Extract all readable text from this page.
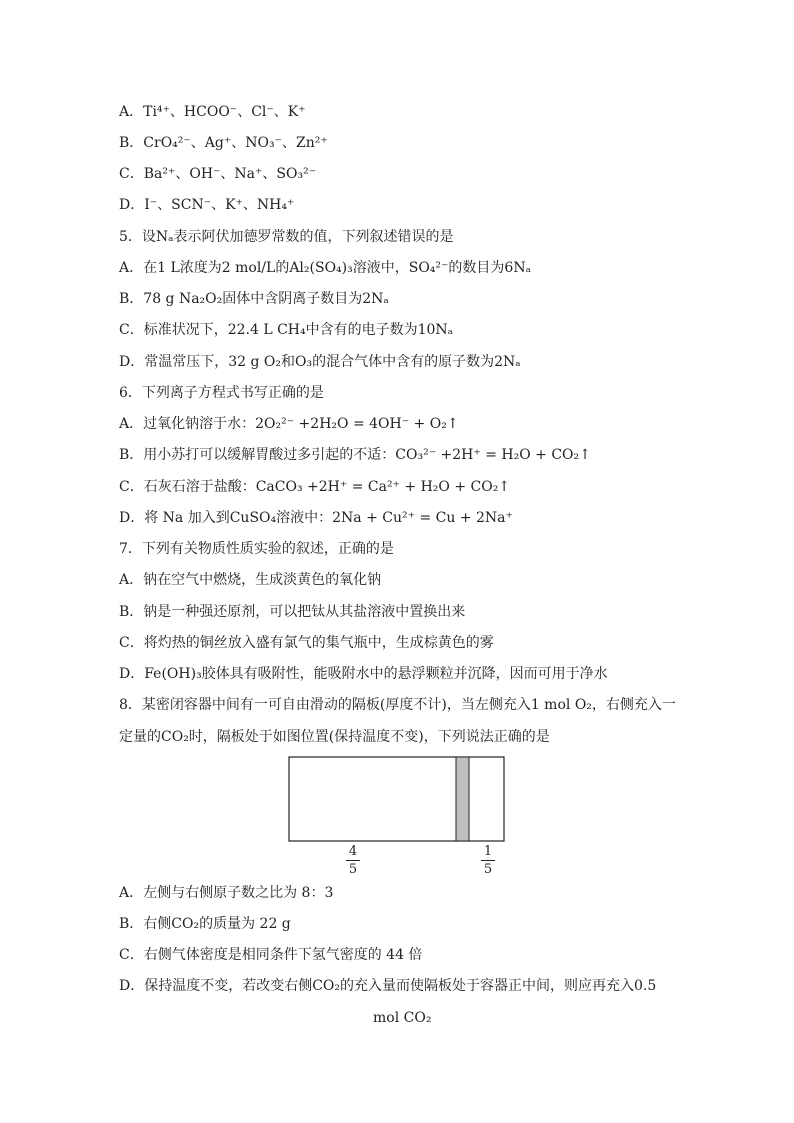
A．Ti⁴⁺、HCOO⁻、Cl⁻、K⁺
B．CrO₄²⁻、Ag⁺、NO₃⁻、Zn²⁺
C．Ba²⁺、OH⁻、Na⁺、SO₃²⁻
D．I⁻、SCN⁻、K⁺、NH₄⁺
5．设Nₐ表示阿伏加德罗常数的值，下列叙述错误的是
A．在1 L浓度为2 mol/L的Al₂(SO₄)₃溶液中，SO₄²⁻的数目为6Nₐ
B．78 g Na₂O₂固体中含阴离子数目为2Nₐ
C．标准状况下，22.4 L CH₄中含有的电子数为10Nₐ
D．常温常压下，32 g O₂和O₃的混合气体中含有的原子数为2Nₐ
6．下列离子方程式书写正确的是
A．过氧化钠溶于水：2O₂²⁻ +2H₂O = 4OH⁻ + O₂↑
B．用小苏打可以缓解胃酸过多引起的不适：CO₃²⁻ +2H⁺ = H₂O + CO₂↑
C．石灰石溶于盐酸：CaCO₃ +2H⁺ = Ca²⁺ + H₂O + CO₂↑
D．将 Na 加入到CuSO₄溶液中：2Na + Cu²⁺ = Cu + 2Na⁺
7．下列有关物质性质实验的叙述，正确的是
A．钠在空气中燃烧，生成淡黄色的氧化钠
B．钠是一种强还原剂，可以把钛从其盐溶液中置换出来
C．将灼热的铜丝放入盛有氯气的集气瓶中，生成棕黄色的雾
D．Fe(OH)₃胶体具有吸附性，能吸附水中的悬浮颗粒并沉降，因而可用于净水
8．某密闭容器中间有一可自由滑动的隔板(厚度不计)，当左侧充入1 mol O₂，右侧充入一
定量的CO₂时，隔板处于如图位置(保持温度不变)，下列说法正确的是
4
5
1
5
A．左侧与右侧原子数之比为 8：3
B．右侧CO₂的质量为 22 g
C．右侧气体密度是相同条件下氢气密度的 44 倍
D．保持温度不变，若改变右侧CO₂的充入量而使隔板处于容器正中间，则应再充入0.5
mol CO₂
